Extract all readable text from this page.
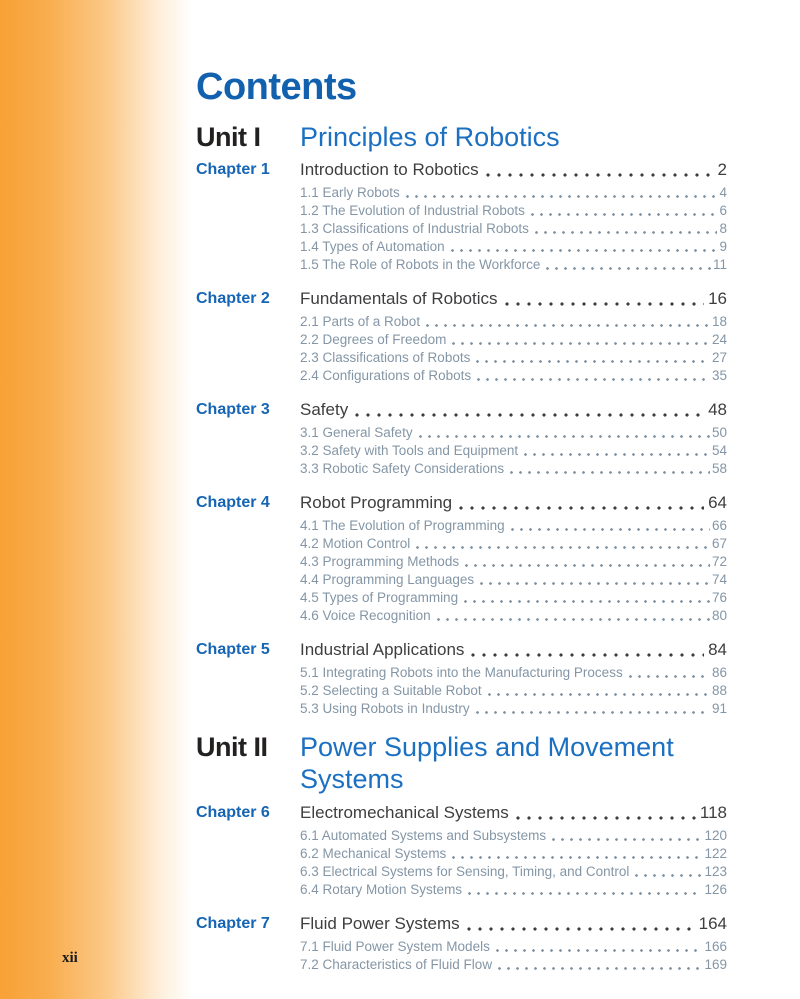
xii
Contents
Unit I	Principles of Robotics
Chapter 1	Introduction to Robotics	2
1.1 Early Robots	4
1.2 The Evolution of Industrial Robots	6
1.3 Classifications of Industrial Robots	8
1.4 Types of Automation	9
1.5 The Role of Robots in the Workforce	11
Chapter 2	Fundamentals of Robotics	16
2.1 Parts of a Robot	18
2.2 Degrees of Freedom	24
2.3 Classifications of Robots	27
2.4 Configurations of Robots	35
Chapter 3	Safety	48
3.1 General Safety	50
3.2 Safety with Tools and Equipment	54
3.3 Robotic Safety Considerations	58
Chapter 4	Robot Programming	64
4.1 The Evolution of Programming	66
4.2 Motion Control	67
4.3 Programming Methods	72
4.4 Programming Languages	74
4.5 Types of Programming	76
4.6 Voice Recognition	80
Chapter 5	Industrial Applications	84
5.1 Integrating Robots into the Manufacturing Process	86
5.2 Selecting a Suitable Robot	88
5.3 Using Robots in Industry	91
Unit II	Power Supplies and Movement Systems
Chapter 6	Electromechanical Systems	118
6.1 Automated Systems and Subsystems	120
6.2 Mechanical Systems	122
6.3 Electrical Systems for Sensing, Timing, and Control	123
6.4 Rotary Motion Systems	126
Chapter 7	Fluid Power Systems	164
7.1 Fluid Power System Models	166
7.2 Characteristics of Fluid Flow	169
